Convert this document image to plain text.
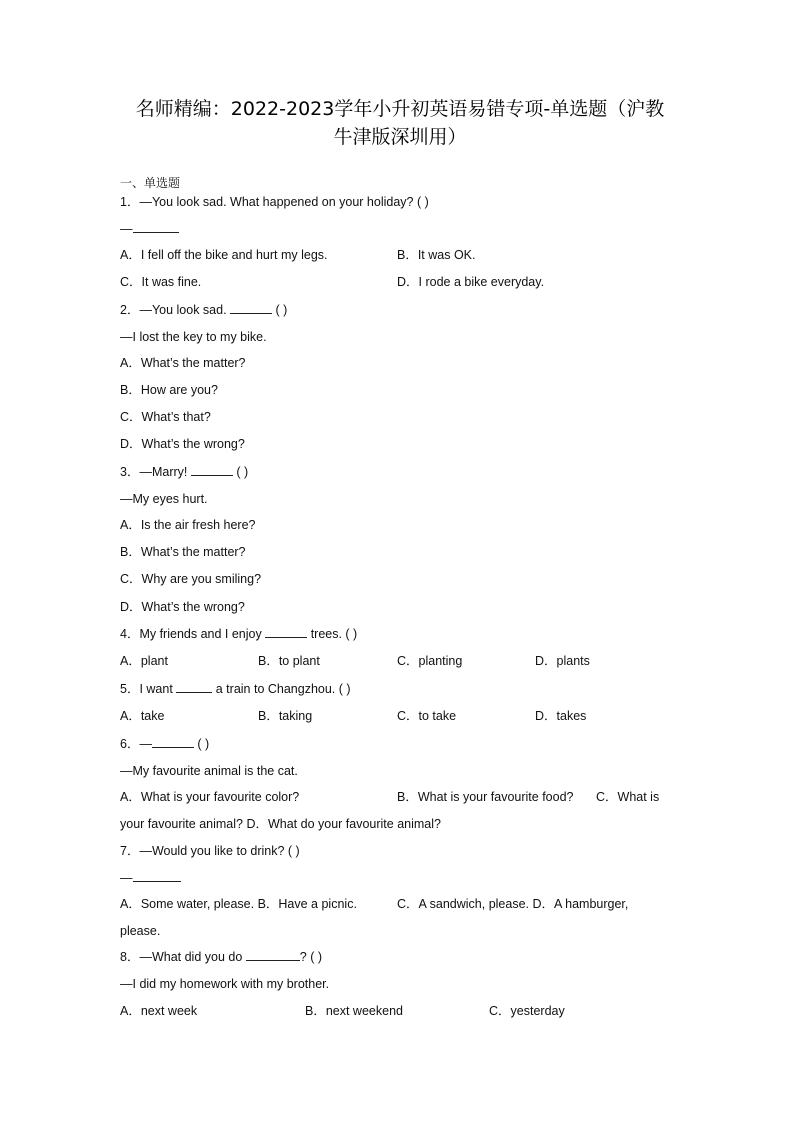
名师精编：2022-2023学年小升初英语易错专项-单选题（沪教
牛津版深圳用）
一、单选题
1．—You look sad. What happened on your holiday? ( )
—
A．I fell off the bike and hurt my legs.	B．It was OK.
C．It was fine.	D．I rode a bike everyday.
2．—You look sad.	( )
—I lost the key to my bike.
A．What’s the matter?
B．How are you?
C．What’s that?
D．What’s the wrong?
3．—Marry!	( )
—My eyes hurt.
A．Is the air fresh here?
B．What’s the matter?
C．Why are you smiling?
D．What’s the wrong?
4．My friends and I enjoy	trees. ( )
A．plant	B．to plant	C．planting	D．plants
5．I want	a train to Changzhou. ( )
A．take	B．taking	C．to take	D．takes
6．—	( )
—My favourite animal is the cat.
A．What is your favourite color?	B．What is your favourite food? C．What is
your favourite animal? D．What do your favourite animal?
7．—Would you like to drink? ( )
—
A．Some water, please. B．Have a picnic.	C．A sandwich, please. D．A hamburger,
please.
8．—What did you do	? ( )
—I did my homework with my brother.
A．next week	B．next weekend	C．yesterday
